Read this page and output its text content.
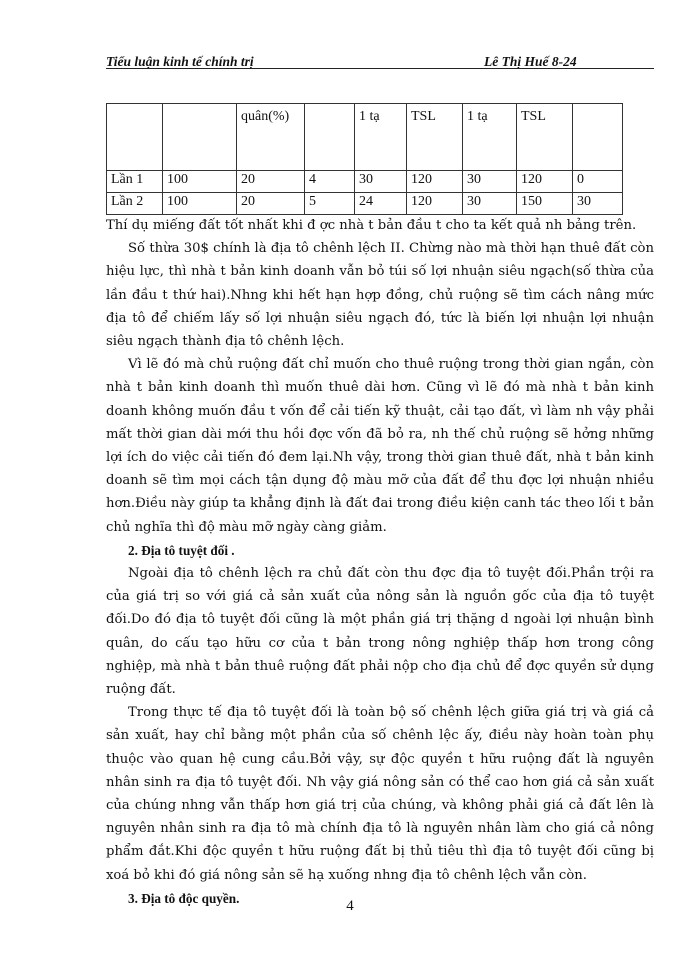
Tiểu luận kinh tế chính trị	Lê Thị Huế 8-24
		quân(%)		1 tạ	TSL	1 tạ	TSL	
Lần 1	100	20	4	30	120	30	120	0
Lần 2	100	20	5	24	120	30	150	30

Thí dụ miếng đất tốt nhất khi đ ợc nhà t bản đầu t cho ta kết quả nh bảng trên.

Số thừa 30$ chính là địa tô chênh lệch II. Chừng nào mà thời hạn thuê đất còn hiệu lực, thì nhà t bản kinh doanh vẫn bỏ túi số lợi nhuận siêu ngạch(số thừa của lần đầu t thứ hai).Nhng khi hết hạn hợp đồng, chủ ruộng sẽ tìm cách nâng mức địa tô để chiếm lấy số lợi nhuận siêu ngạch đó, tức là biến lợi nhuận lợi nhuận siêu ngạch thành địa tô chênh lệch.

Vì lẽ đó mà chủ ruộng đất chỉ muốn cho thuê ruộng trong thời gian ngắn, còn nhà t bản kinh doanh thì muốn thuê dài hơn. Cũng vì lẽ đó mà nhà t bản kinh doanh không muốn đầu t vốn để cải tiến kỹ thuật, cải tạo đất, vì làm nh vậy phải mất thời gian dài mới thu hồi đợc vốn đã bỏ ra, nh thế chủ ruộng sẽ hởng những lợi ích do việc cải tiến đó đem lại.Nh vậy, trong thời gian thuê đất, nhà t bản kinh doanh sẽ tìm mọi cách tận dụng độ màu mỡ của đất để thu đợc lợi nhuận nhiều hơn.Điều này giúp ta khẳng định là đất đai trong điều kiện canh tác theo lối t bản chủ nghĩa thì độ màu mỡ ngày càng giảm.

2. Địa tô tuyệt đối .

Ngoài địa tô chênh lệch ra chủ đất còn thu đợc địa tô tuyệt đối.Phần trội ra của giá trị so với giá cả sản xuất của nông sản là nguồn gốc của địa tô tuyệt đối.Do đó địa tô tuyệt đối cũng là một phần giá trị thặng d ngoài lợi nhuận bình quân, do cấu tạo hữu cơ của t bản trong nông nghiệp thấp hơn trong công nghiệp, mà nhà t bản thuê ruộng đất phải nộp cho địa chủ để đợc quyền sử dụng ruộng đất.

Trong thực tế địa tô tuyệt đối là toàn bộ số chênh lệch giữa giá trị và giá cả sản xuất, hay chỉ bằng một phần của số chênh lệc ấy, điều này hoàn toàn phụ thuộc vào quan hệ cung cầu.Bởi vậy, sự độc quyền t hữu ruộng đất là nguyên nhân sinh ra địa tô tuyệt đối. Nh vậy giá nông sản có thể cao hơn giá cả sản xuất của chúng nhng vẫn thấp hơn giá trị của chúng, và không phải giá cả đất lên là nguyên nhân sinh ra địa tô mà chính địa tô là nguyên nhân làm cho giá cả nông phẩm đắt.Khi độc quyền t hữu ruộng đất bị thủ tiêu thì địa tô tuyệt đối cũng bị xoá bỏ khi đó giá nông sản sẽ hạ xuống nhng địa tô chênh lệch vẫn còn.

3. Địa tô độc quyền.	4
